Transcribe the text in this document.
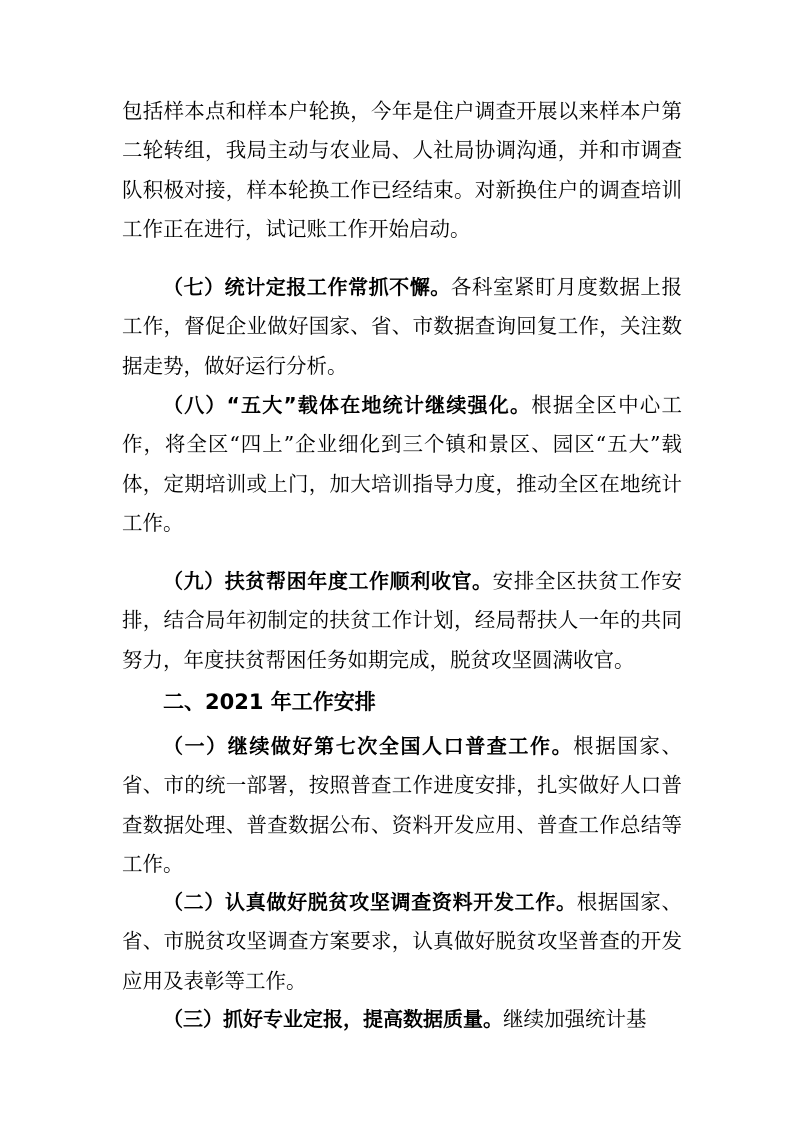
包括样本点和样本户轮换，今年是住户调查开展以来样本户第二轮转组，我局主动与农业局、人社局协调沟通，并和市调查队积极对接，样本轮换工作已经结束。对新换住户的调查培训工作正在进行，试记账工作开始启动。

（七）统计定报工作常抓不懈。各科室紧盯月度数据上报工作，督促企业做好国家、省、市数据查询回复工作，关注数据走势，做好运行分析。

（八）“五大”载体在地统计继续强化。根据全区中心工作，将全区“四上”企业细化到三个镇和景区、园区“五大”载体，定期培训或上门，加大培训指导力度，推动全区在地统计工作。

（九）扶贫帮困年度工作顺利收官。安排全区扶贫工作安排，结合局年初制定的扶贫工作计划，经局帮扶人一年的共同努力，年度扶贫帮困任务如期完成，脱贫攻坚圆满收官。

二、2021 年工作安排

（一）继续做好第七次全国人口普查工作。根据国家、省、市的统一部署，按照普查工作进度安排，扎实做好人口普查数据处理、普查数据公布、资料开发应用、普查工作总结等工作。

（二）认真做好脱贫攻坚调查资料开发工作。根据国家、省、市脱贫攻坚调查方案要求，认真做好脱贫攻坚普查的开发应用及表彰等工作。

（三）抓好专业定报，提高数据质量。继续加强统计基
